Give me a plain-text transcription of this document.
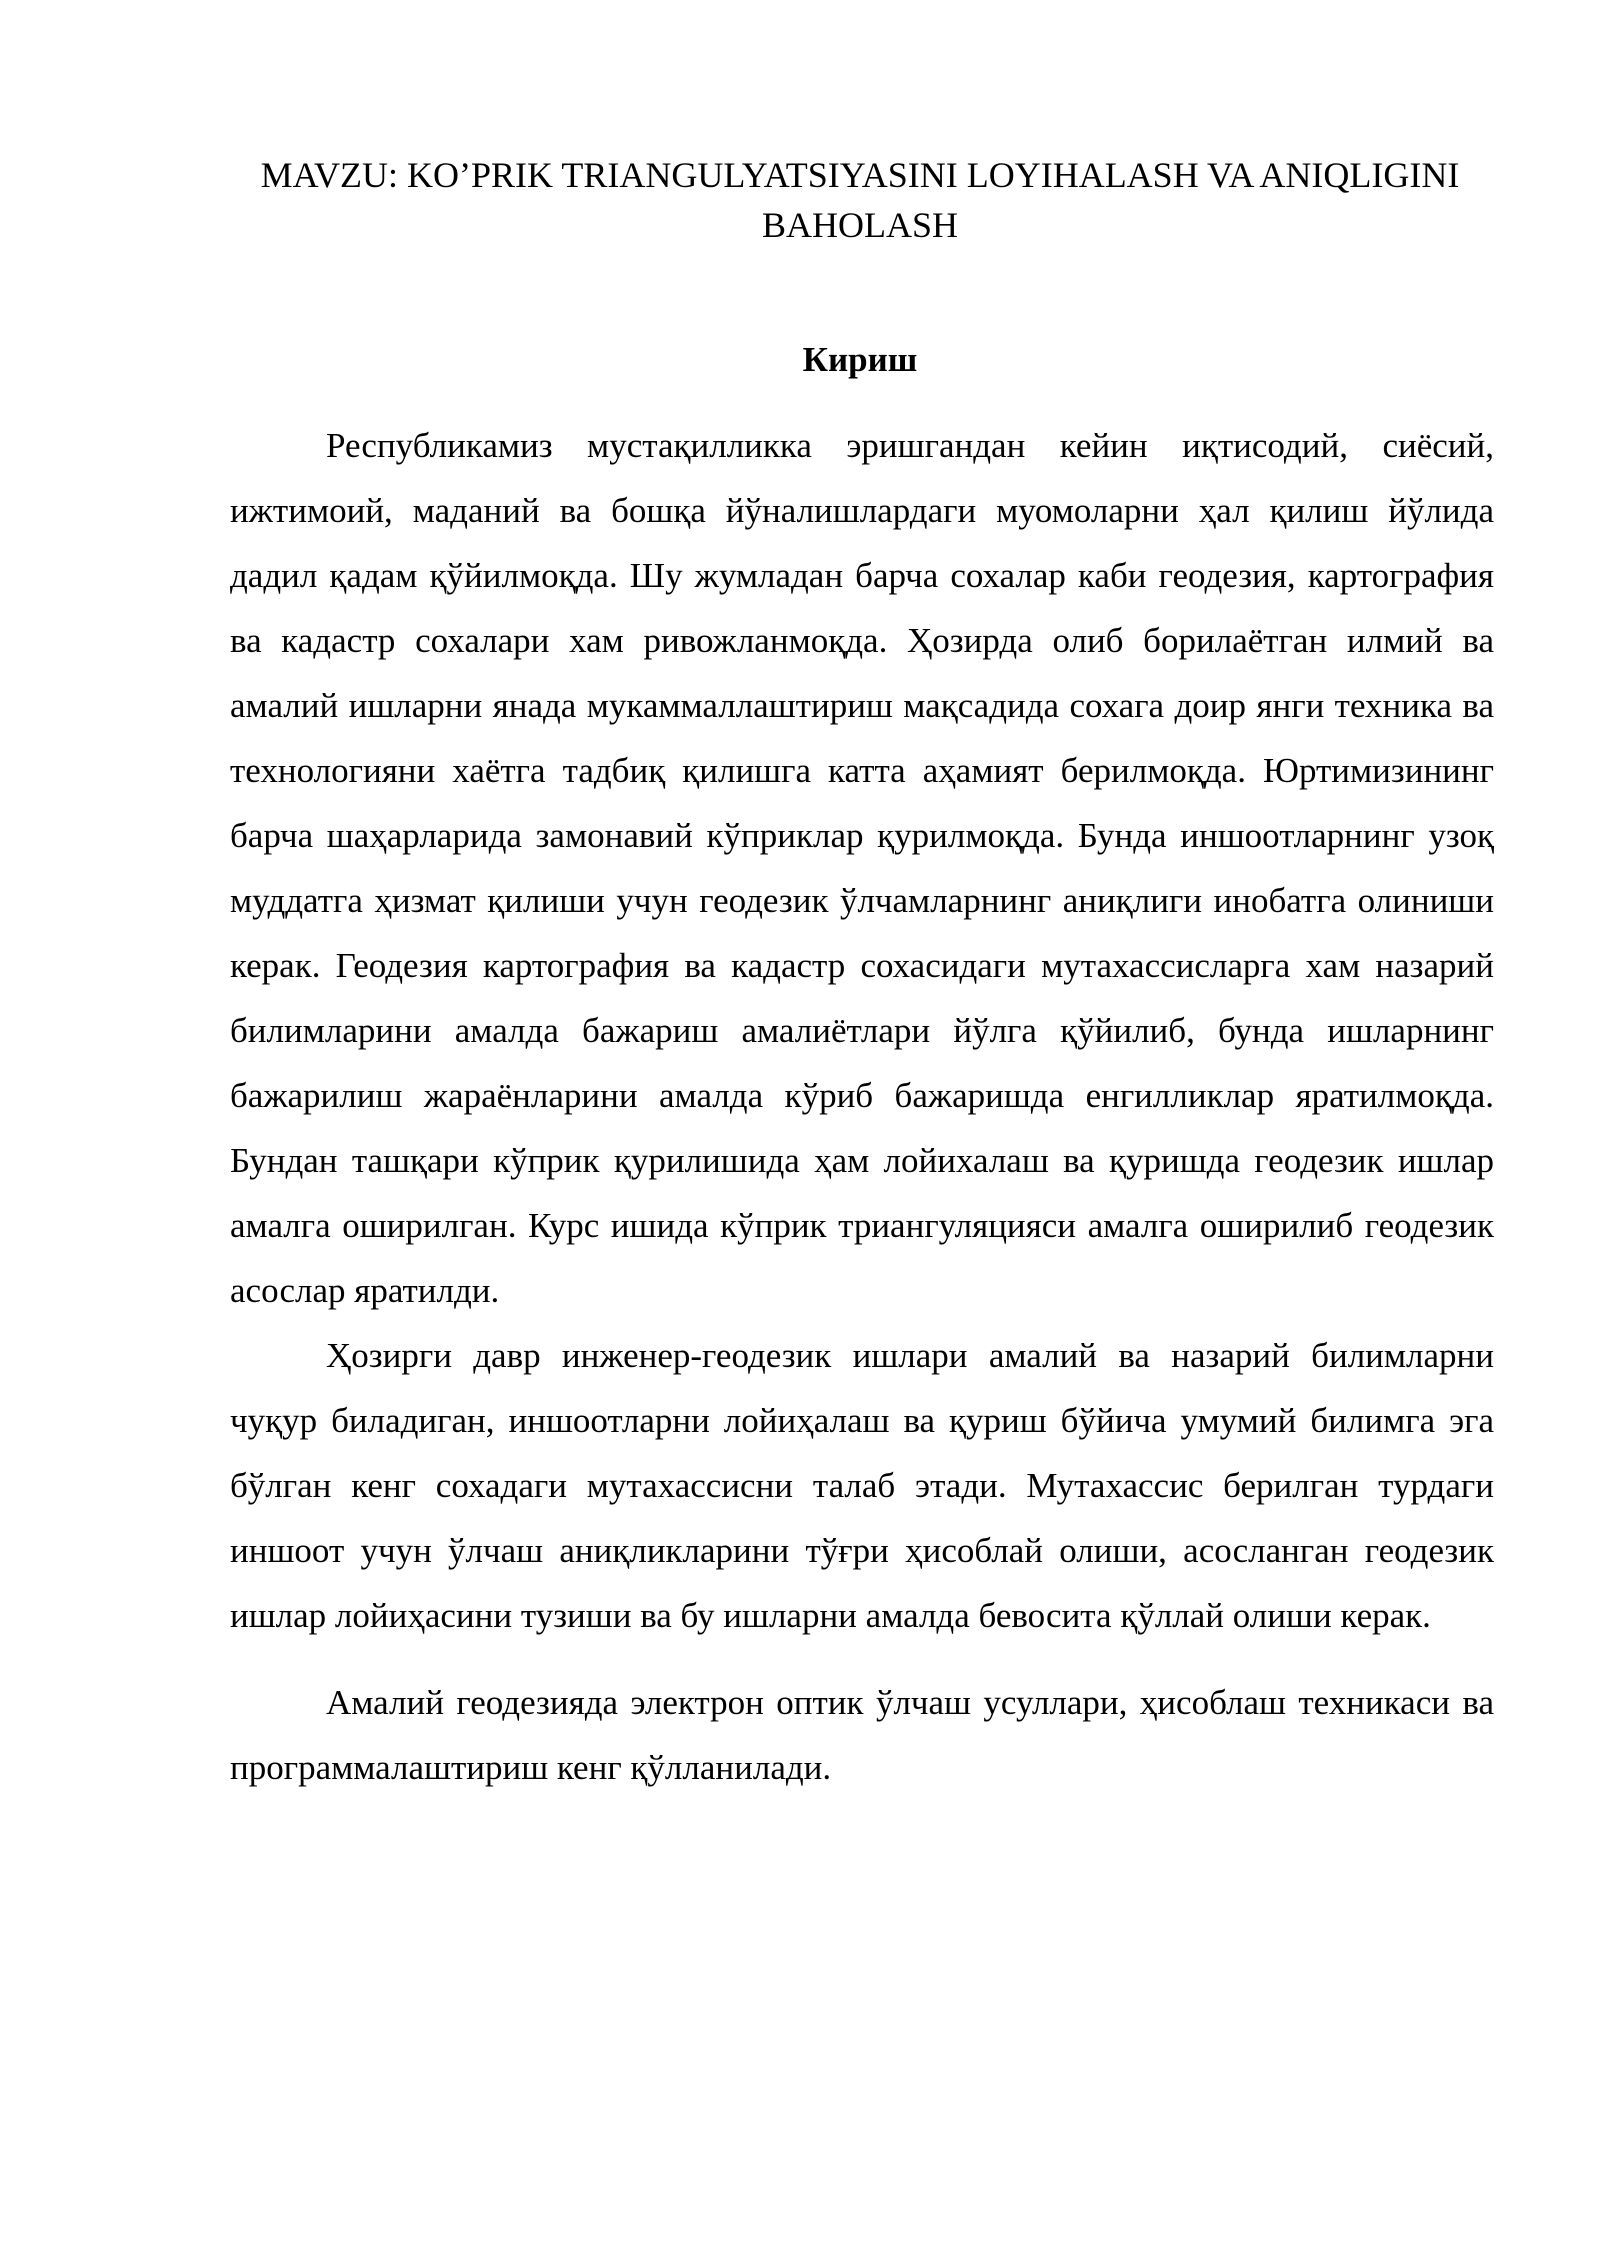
MAVZU: KO’PRIK TRIANGULYATSIYASINI LOYIHALASH VA ANIQLIGINI BAHOLASH
Кириш

Республикамиз мустақилликка эришгандан кейин иқтисодий, сиёсий, ижтимоий, маданий ва бошқа йўналишлардаги муомоларни ҳал қилиш йўлида дадил қадам қўйилмоқда. Шу жумладан барча сохалар каби геодезия, картография ва кадастр сохалари хам ривожланмоқда. Ҳозирда олиб борилаётган илмий ва амалий ишларни янада мукаммаллаштириш мақсадида сохага доир янги техника ва технологияни хаётга тадбиқ қилишга катта аҳамият берилмоқда. Юртимизининг барча шаҳарларида замонавий кўприклар қурилмоқда. Бунда иншоотларнинг узоқ муддатга ҳизмат қилиши учун геодезик ўлчамларнинг аниқлиги инобатга олиниши керак. Геодезия картография ва кадастр сохасидаги мутахассисларга хам назарий билимларини амалда бажариш амалиётлари йўлга қўйилиб, бунда ишларнинг бажарилиш жараёнларини амалда кўриб бажаришда енгилликлар яратилмоқда. Бундан ташқари кўприк қурилишида ҳам лойихалаш ва қуришда геодезик ишлар амалга оширилган. Курс ишида кўприк триангуляцияси амалга оширилиб геодезик асослар яратилди.

Ҳозирги давр инженер-геодезик ишлари амалий ва назарий билимларни чуқур биладиган, иншоотларни лойиҳалаш ва қуриш бўйича умумий билимга эга бўлган кенг сохадаги мутахассисни талаб этади. Мутахассис берилган турдаги иншоот учун ўлчаш аниқликларини тўғри ҳисоблай олиши, асосланган геодезик ишлар лойиҳасини тузиши ва бу ишларни амалда бевосита қўллай олиши керак.

Амалий геодезияда электрон оптик ўлчаш усуллари, ҳисоблаш техникаси ва программалаштириш кенг қўлланилади.
